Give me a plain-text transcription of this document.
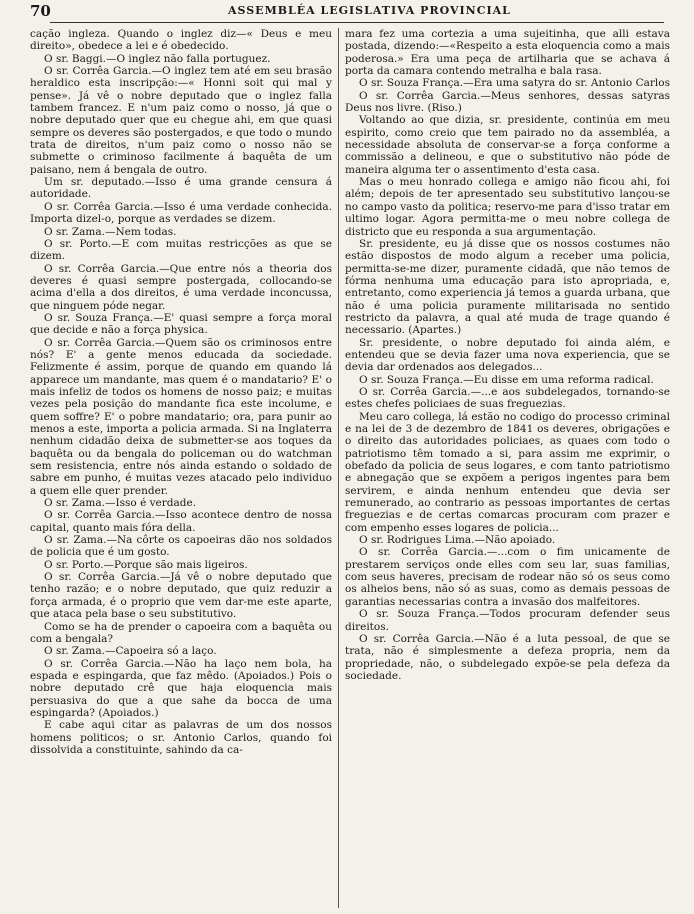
70	ASSEMBLÉA LEGISLATIVA PROVINCIAL

cação ingleza. Quando o inglez diz—« Deus e meu direito», obedece a lei e é obedecido.

O sr. Baggi.—O inglez não falla portuguez.

O sr. Corrêa Garcia.—O inglez tem até em seu brasão heraldico esta inscripção:—« Honni soit qui mal y pense». Já vê o nobre deputado que o inglez falla tambem francez. E n'um paiz como o nosso, já que o nobre deputado quer que eu chegue ahi, em que quasi sempre os deveres são postergados, e que todo o mundo trata de direitos, n'um paiz como o nosso não se submette o criminoso facilmente á baquêta de um paisano, nem á bengala de outro.

Um sr. deputado.—Isso é uma grande censura á autoridade.

O sr. Corrêa Garcia.—Isso é uma verdade conhecida. Importa dizel-o, porque as verdades se dizem.

O sr. Zama.—Nem todas.

O sr. Porto.—E com muitas restricções as que se dizem.

O sr. Corrêa Garcia.—Que entre nós a theoria dos deveres é quasi sempre postergada, collocando-se acima d'ella a dos direitos, é uma verdade inconcussa, que ninguem póde negar.

O sr. Souza França.—E' quasi sempre a força moral que decide e não a força physica.

O sr. Corrêa Garcia.—Quem são os criminosos entre nós? E' a gente menos educada da sociedade. Felizmente é assim, porque de quando em quando lá apparece um mandante, mas quem é o mandatario? E' o mais infeliz de todos os homens de nosso paiz; e muitas vezes pela posição do mandante fica este incolume, e quem soffre? E' o pobre mandatario; ora, para punir ao menos a este, importa a policia armada. Si na Inglaterra nenhum cidadão deixa de submetter-se aos toques da baquêta ou da bengala do policeman ou do watchman sem resistencia, entre nós ainda estando o soldado de sabre em punho, é muitas vezes atacado pelo individuo a quem elle quer prender.

O sr. Zama.—Isso é verdade.

O sr. Corrêa Garcia.—Isso acontece dentro de nossa capital, quanto mais fóra della.

O sr. Zama.—Na côrte os capoeiras dão nos soldados de policia que é um gosto.

O sr. Porto.—Porque são mais ligeiros.

O sr. Corrêa Garcia.—Já vê o nobre deputado que tenho razão; e o nobre deputado, que quiz reduzir a força armada, é o proprio que vem dar-me este aparte, que ataca pela base o seu substitutivo.

Como se ha de prender o capoeira com a baquêta ou com a bengala?

O sr. Zama.—Capoeira só a laço.

O sr. Corrêa Garcia.—Não ha laço nem bola, ha espada e espingarda, que faz mêdo. (Apoiados.) Pois o nobre deputado crê que haja eloquencia mais persuasiva do que a que sahe da bocca de uma espingarda? (Apoiados.)

E cabe aqui citar as palavras de um dos nossos homens politicos; o sr. Antonio Carlos, quando foi dissolvida a constituinte, sahindo da ca-

mara fez uma cortezia a uma sujeitinha, que alli estava postada, dizendo:—«Respeito a esta eloquencia como a mais poderosa.» Era uma peça de artilharia que se achava á porta da camara contendo metralha e bala rasa.

O sr. Souza França.—Era uma satyra do sr. Antonio Carlos

O sr. Corrêa Garcia.—Meus senhores, dessas satyras Deus nos livre. (Riso.)

Voltando ao que dizia, sr. presidente, continúa em meu espirito, como creio que tem pairado no da assembléa, a necessidade absoluta de conservar-se a força conforme a commissão a delineou, e que o substitutivo não póde de maneira alguma ter o assentimento d'esta casa.

Mas o meu honrado collega e amigo não ficou ahi, foi além; depois de ter apresentado seu substitutivo lançou-se no campo vasto da politica; reservo-me para d'isso tratar em ultimo logar. Agora permitta-me o meu nobre collega de districto que eu responda a sua argumentação.

Sr. presidente, eu já disse que os nossos costumes não estão dispostos de modo algum a receber uma policia, permitta-se-me dizer, puramente cidadã, que não temos de fórma nenhuma uma educação para isto apropriada, e, entretanto, como experiencia já temos a guarda urbana, que não é uma policia puramente militarisada no sentido restricto da palavra, a qual até muda de trage quando é necessario. (Apartes.)

Sr. presidente, o nobre deputado foi ainda além, e entendeu que se devia fazer uma nova experiencia, que se devia dar ordenados aos delegados...

O sr. Souza França.—Eu disse em uma reforma radical.

O sr. Corrêa Garcia.—...e aos subdelegados, tornando-se estes chefes policiaes de suas freguezias.

Meu caro collega, lá estão no codigo do processo criminal e na lei de 3 de dezembro de 1841 os deveres, obrigações e o direito das autoridades policiaes, as quaes com todo o patriotismo têm tomado a si, para assim me exprimir, o obefado da policia de seus logares, e com tanto patriotismo e abnegação que se expõem a perigos ingentes para bem servirem, e ainda nenhum entendeu que devia ser remunerado, ao contrario as pessoas importantes de certas freguezias e de certas comarcas procuram com prazer e com empenho esses logares de policia...

O sr. Rodrigues Lima.—Não apoiado.

O sr. Corrêa Garcia.—...com o fim unicamente de prestarem serviços onde elles com seu lar, suas familias, com seus haveres, precisam de rodear não só os seus como os alheios bens, não só as suas, como as demais pessoas de garantias necessarias contra a invasão dos malfeitores.

O sr. Souza França.—Todos procuram defender seus direitos.

O sr. Corrêa Garcia.—Não é a luta pessoal, de que se trata, não é simplesmente a defeza propria, nem da propriedade, não, o subdelegado expõe-se pela defeza da sociedade.
